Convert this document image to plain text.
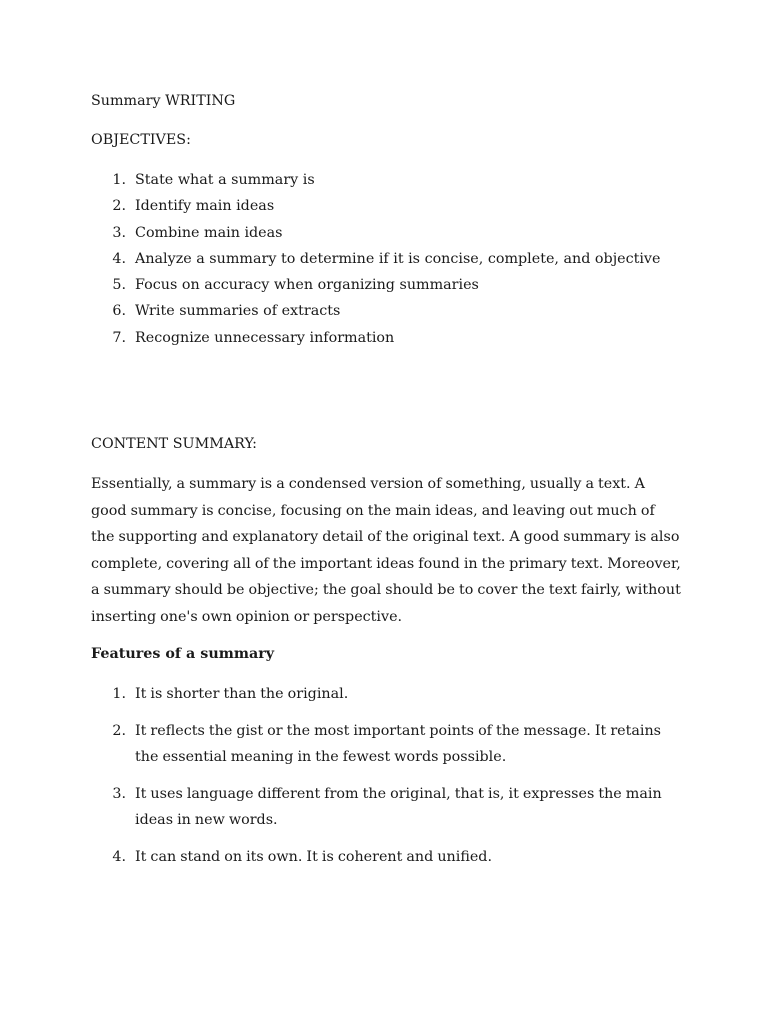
Summary WRITING
OBJECTIVES:
1. State what a summary is
2. Identify main ideas
3. Combine main ideas
4. Analyze a summary to determine if it is concise, complete, and objective
5. Focus on accuracy when organizing summaries
6. Write summaries of extracts
7. Recognize unnecessary information
CONTENT SUMMARY:

Essentially, a summary is a condensed version of something, usually a text. A good summary is concise, focusing on the main ideas, and leaving out much of the supporting and explanatory detail of the original text. A good summary is also complete, covering all of the important ideas found in the primary text. Moreover, a summary should be objective; the goal should be to cover the text fairly, without inserting one's own opinion or perspective.

Features of a summary
1. It is shorter than the original.
2. It reflects the gist or the most important points of the message. It retains the essential meaning in the fewest words possible.
3. It uses language different from the original, that is, it expresses the main ideas in new words.
4. It can stand on its own. It is coherent and unified.
